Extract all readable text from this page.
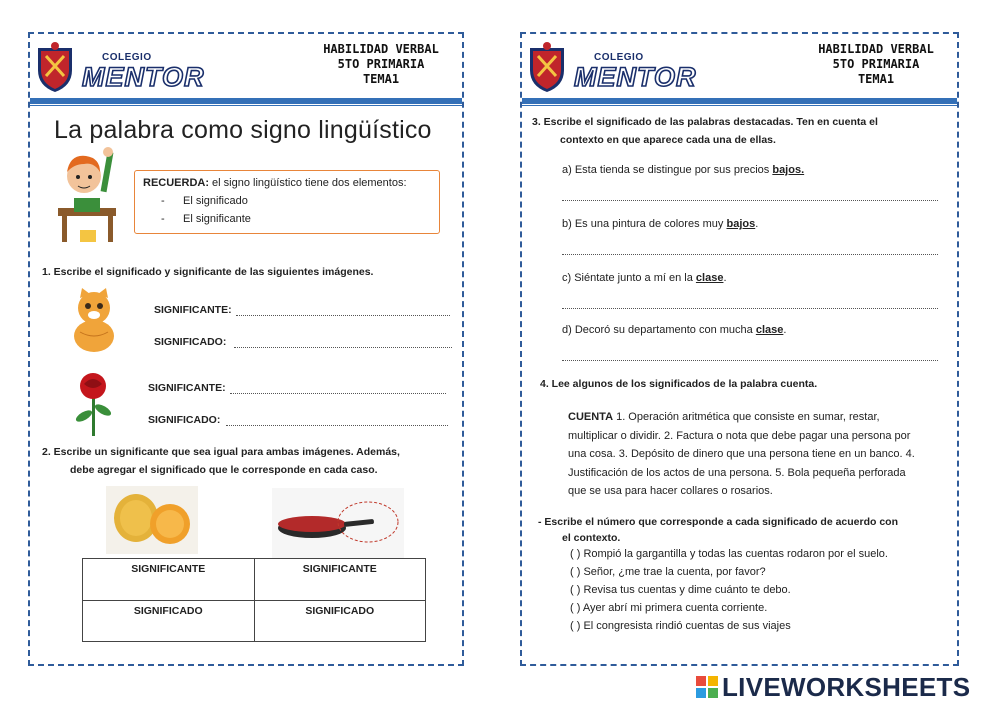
COLEGIO
MENTOR
HABILIDAD VERBAL
5TO PRIMARIA
TEMA1
La palabra como signo lingüístico
RECUERDA: el signo lingüístico tiene dos elementos:
- El significado
- El significante
1. Escribe el significado y significante de las siguientes imágenes.
SIGNIFICANTE:
SIGNIFICADO:
SIGNIFICANTE:
SIGNIFICADO:
2. Escribe un significante que sea igual para ambas imágenes. Además,
debe agregar el significado que le corresponde en cada caso.
SIGNIFICANTE	SIGNIFICANTE
SIGNIFICADO	SIGNIFICADO
COLEGIO
MENTOR
HABILIDAD VERBAL
5TO PRIMARIA
TEMA1
3. Escribe el significado de las palabras destacadas. Ten en cuenta el
contexto en que aparece cada una de ellas.
a) Esta tienda se distingue por sus precios bajos.
b) Es una pintura de colores muy bajos.
c) Siéntate junto a mí en la clase.
d) Decoró su departamento con mucha clase.
4. Lee algunos de los significados de la palabra cuenta.
CUENTA 1. Operación aritmética que consiste en sumar, restar,
multiplicar o dividir. 2. Factura o nota que debe pagar una persona por
una cosa. 3. Depósito de dinero que una persona tiene en un banco. 4.
Justificación de los actos de una persona. 5. Bola pequeña perforada
que se usa para hacer collares o rosarios.
- Escribe el número que corresponde a cada significado de acuerdo con
el contexto.
( ) Rompió la gargantilla y todas las cuentas rodaron por el suelo.
( ) Señor, ¿me trae la cuenta, por favor?
( ) Revisa tus cuentas y dime cuánto te debo.
( ) Ayer abrí mi primera cuenta corriente.
( ) El congresista rindió cuentas de sus viajes
LIVEWORKSHEETS
